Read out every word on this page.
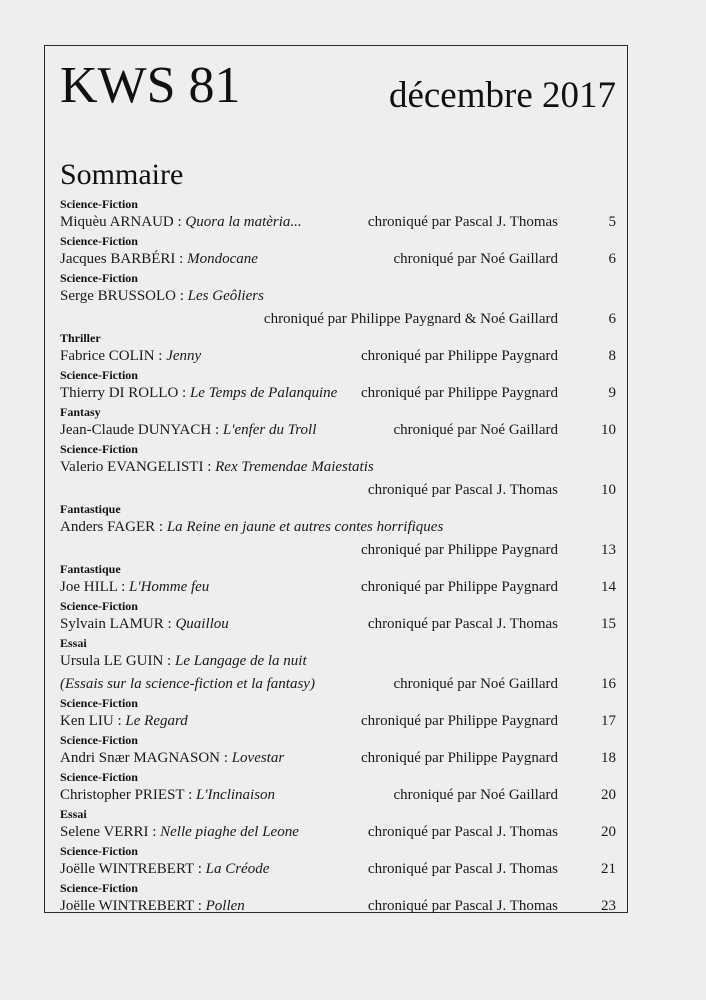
KWS 81	décembre 2017
Sommaire
Science-Fiction
Miquèu ARNAUD : Quora la matèria...	chroniqué par Pascal J. Thomas	5
Science-Fiction
Jacques BARBÉRI : Mondocane	chroniqué par Noé Gaillard	6
Science-Fiction
Serge BRUSSOLO : Les Geôliers
chroniqué par Philippe Paygnard & Noé Gaillard	6
Thriller
Fabrice COLIN : Jenny	chroniqué par Philippe Paygnard	8
Science-Fiction
Thierry DI ROLLO : Le Temps de Palanquine chroniqué par Philippe Paygnard	9
Fantasy
Jean-Claude DUNYACH : L'enfer du Troll	chroniqué par Noé Gaillard	10
Science-Fiction
Valerio EVANGELISTI : Rex Tremendae Maiestatis
chroniqué par Pascal J. Thomas	10
Fantastique
Anders FAGER : La Reine en jaune et autres contes horrifiques
chroniqué par Philippe Paygnard	13
Fantastique
Joe HILL : L'Homme feu	chroniqué par Philippe Paygnard	14
Science-Fiction
Sylvain LAMUR : Quaillou	chroniqué par Pascal J. Thomas	15
Essai
Ursula LE GUIN : Le Langage de la nuit
(Essais sur la science-fiction et la fantasy)	chroniqué par Noé Gaillard	16
Science-Fiction
Ken LIU : Le Regard	chroniqué par Philippe Paygnard	17
Science-Fiction
Andri Snær MAGNASON : Lovestar	chroniqué par Philippe Paygnard	18
Science-Fiction
Christopher PRIEST : L'Inclinaison	chroniqué par Noé Gaillard	20
Essai
Selene VERRI : Nelle piaghe del Leone	chroniqué par Pascal J. Thomas	20
Science-Fiction
Joëlle WINTREBERT : La Créode	chroniqué par Pascal J. Thomas	21
Science-Fiction
Joëlle WINTREBERT : Pollen	chroniqué par Pascal J. Thomas	23
